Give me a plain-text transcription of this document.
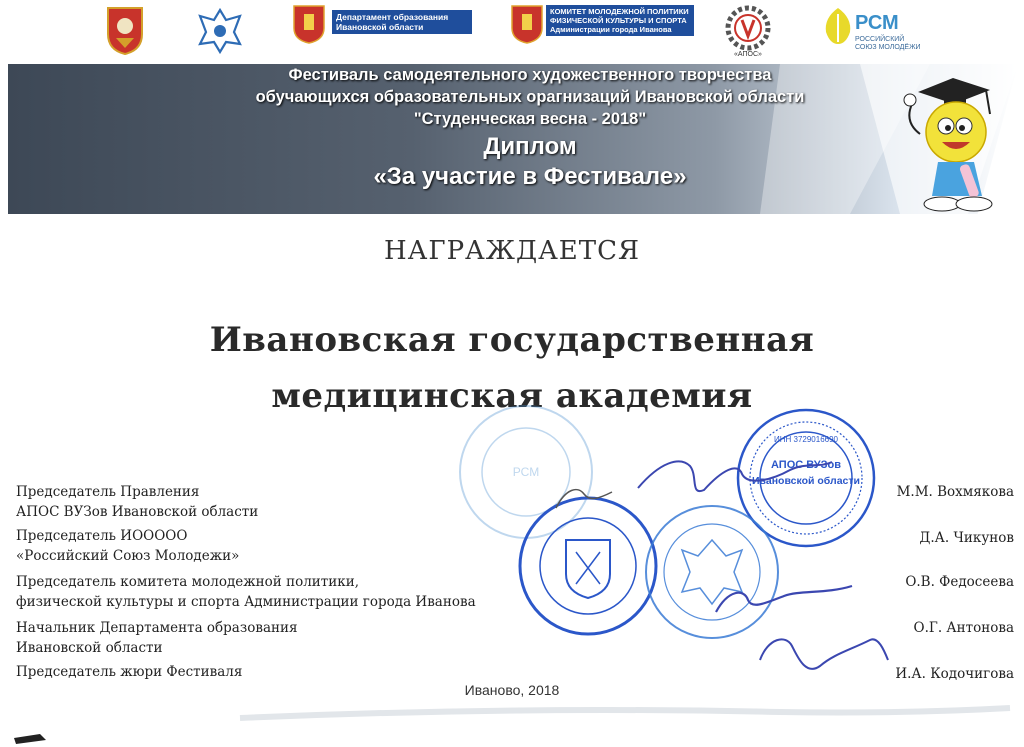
Департамент образования
Ивановской области
КОМИТЕТ МОЛОДЕЖНОЙ ПОЛИТИКИ
ФИЗИЧЕСКОЙ КУЛЬТУРЫ И СПОРТА
Администрации города Иванова
«АПОС»
РСМ
РОССИЙСКИЙ СОЮЗ МОЛОДЁЖИ
Фестиваль самодеятельного художественного творчества
обучающихся образовательных орагнизаций Ивановской области
"Студенческая весна - 2018"
Диплом
«За участие в Фестивале»
НАГРАЖДАЕТСЯ
Ивановская государственная
медицинская академия
РСМ	АПОС ВУЗов
Ивановской области
ИНН 3729016690
Председатель Правления
АПОС ВУЗов Ивановской области
Председатель ИООООО
«Российский Союз Молодежи»
Председатель комитета молодежной политики,
физической культуры и спорта Администрации города Иванова
Начальник Департамента образования
Ивановской области
Председатель жюри Фестиваля
М.М. Вохмякова
Д.А. Чикунов
О.В. Федосеева
О.Г. Антонова
И.А. Кодочигова
Иваново, 2018
